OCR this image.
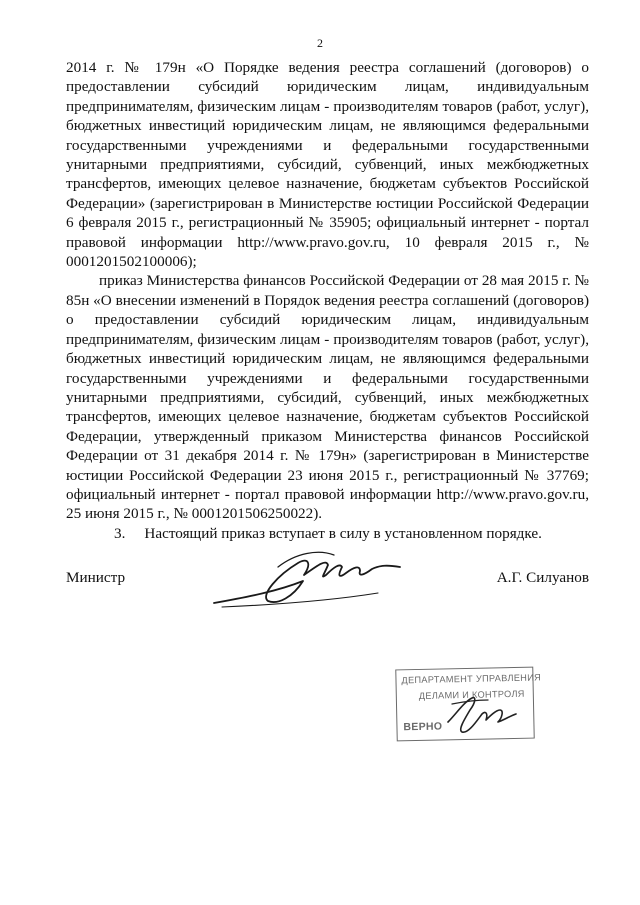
2

2014 г. № 179н «О Порядке ведения реестра соглашений (договоров) о предоставлении субсидий юридическим лицам, индивидуальным предпринимателям, физическим лицам - производителям товаров (работ, услуг), бюджетных инвестиций юридическим лицам, не являющимся федеральными государственными учреждениями и федеральными государственными унитарными предприятиями, субсидий, субвенций, иных межбюджетных трансфертов, имеющих целевое назначение, бюджетам субъектов Российской Федерации» (зарегистрирован в Министерстве юстиции Российской Федерации 6 февраля 2015 г., регистрационный № 35905; официальный интернет - портал правовой информации http://www.pravo.gov.ru, 10 февраля 2015 г., № 0001201502100006);

приказ Министерства финансов Российской Федерации от 28 мая 2015 г. № 85н «О внесении изменений в Порядок ведения реестра соглашений (договоров) о предоставлении субсидий юридическим лицам, индивидуальным предпринимателям, физическим лицам - производителям товаров (работ, услуг), бюджетных инвестиций юридическим лицам, не являющимся федеральными государственными учреждениями и федеральными государственными унитарными предприятиями, субсидий, субвенций, иных межбюджетных трансфертов, имеющих целевое назначение, бюджетам субъектов Российской Федерации, утвержденный приказом Министерства финансов Российской Федерации от 31 декабря 2014 г. № 179н» (зарегистрирован в Министерстве юстиции Российской Федерации 23 июня 2015 г., регистрационный № 37769; официальный интернет - портал правовой информации http://www.pravo.gov.ru, 25 июня 2015 г., № 0001201506250022).

3.     Настоящий приказ вступает в силу в установленном порядке.

Министр	А.Г. Силуанов
ДЕПАРТАМЕНТ УПРАВЛЕНИЯ
ДЕЛАМИ И КОНТРОЛЯ
ВЕРНО
